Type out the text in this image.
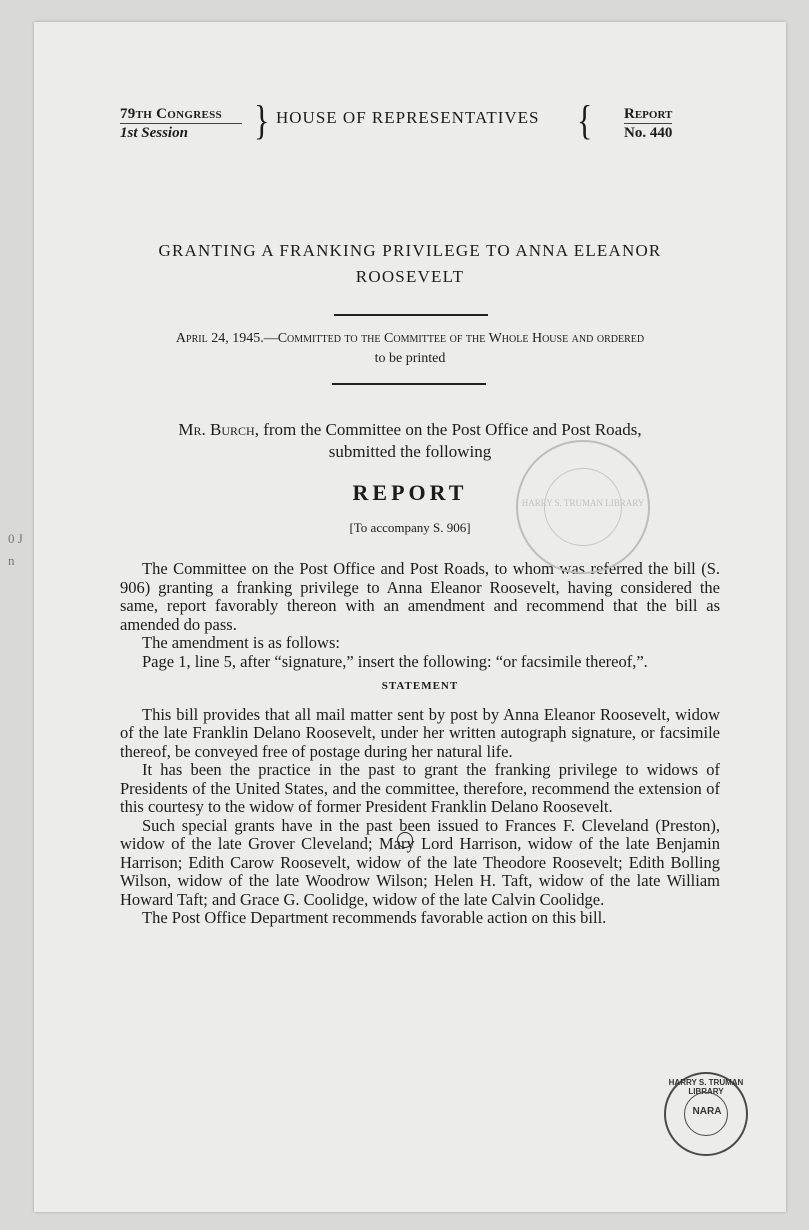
79th Congress
1st Session	} HOUSE OF REPRESENTATIVES { Report
No. 440
GRANTING A FRANKING PRIVILEGE TO ANNA ELEANOR
ROOSEVELT
April 24, 1945.—Committed to the Committee of the Whole House and ordered
to be printed
Mr. Burch, from the Committee on the Post Office and Post Roads,
submitted the following
REPORT
[To accompany S. 906]

The Committee on the Post Office and Post Roads, to whom was referred the bill (S. 906) granting a franking privilege to Anna Eleanor Roosevelt, having considered the same, report favorably thereon with an amendment and recommend that the bill as amended do pass.

The amendment is as follows:

Page 1, line 5, after “signature,” insert the following: “or facsimile thereof,”.

STATEMENT

This bill provides that all mail matter sent by post by Anna Eleanor Roosevelt, widow of the late Franklin Delano Roosevelt, under her written autograph signature, or facsimile thereof, be conveyed free of postage during her natural life.

It has been the practice in the past to grant the franking privilege to widows of Presidents of the United States, and the committee, therefore, recommend the extension of this courtesy to the widow of former President Franklin Delano Roosevelt.

Such special grants have in the past been issued to Frances F. Cleveland (Preston), widow of the late Grover Cleveland; Mary Lord Harrison, widow of the late Benjamin Harrison; Edith Carow Roosevelt, widow of the late Theodore Roosevelt; Edith Bolling Wilson, widow of the late Woodrow Wilson; Helen H. Taft, widow of the late William Howard Taft; and Grace G. Coolidge, widow of the late Calvin Coolidge.

The Post Office Department recommends favorable action on this bill.

HARRY S. TRUMAN LIBRARY
HARRY S. TRUMAN LIBRARY
NARA
0 J n
